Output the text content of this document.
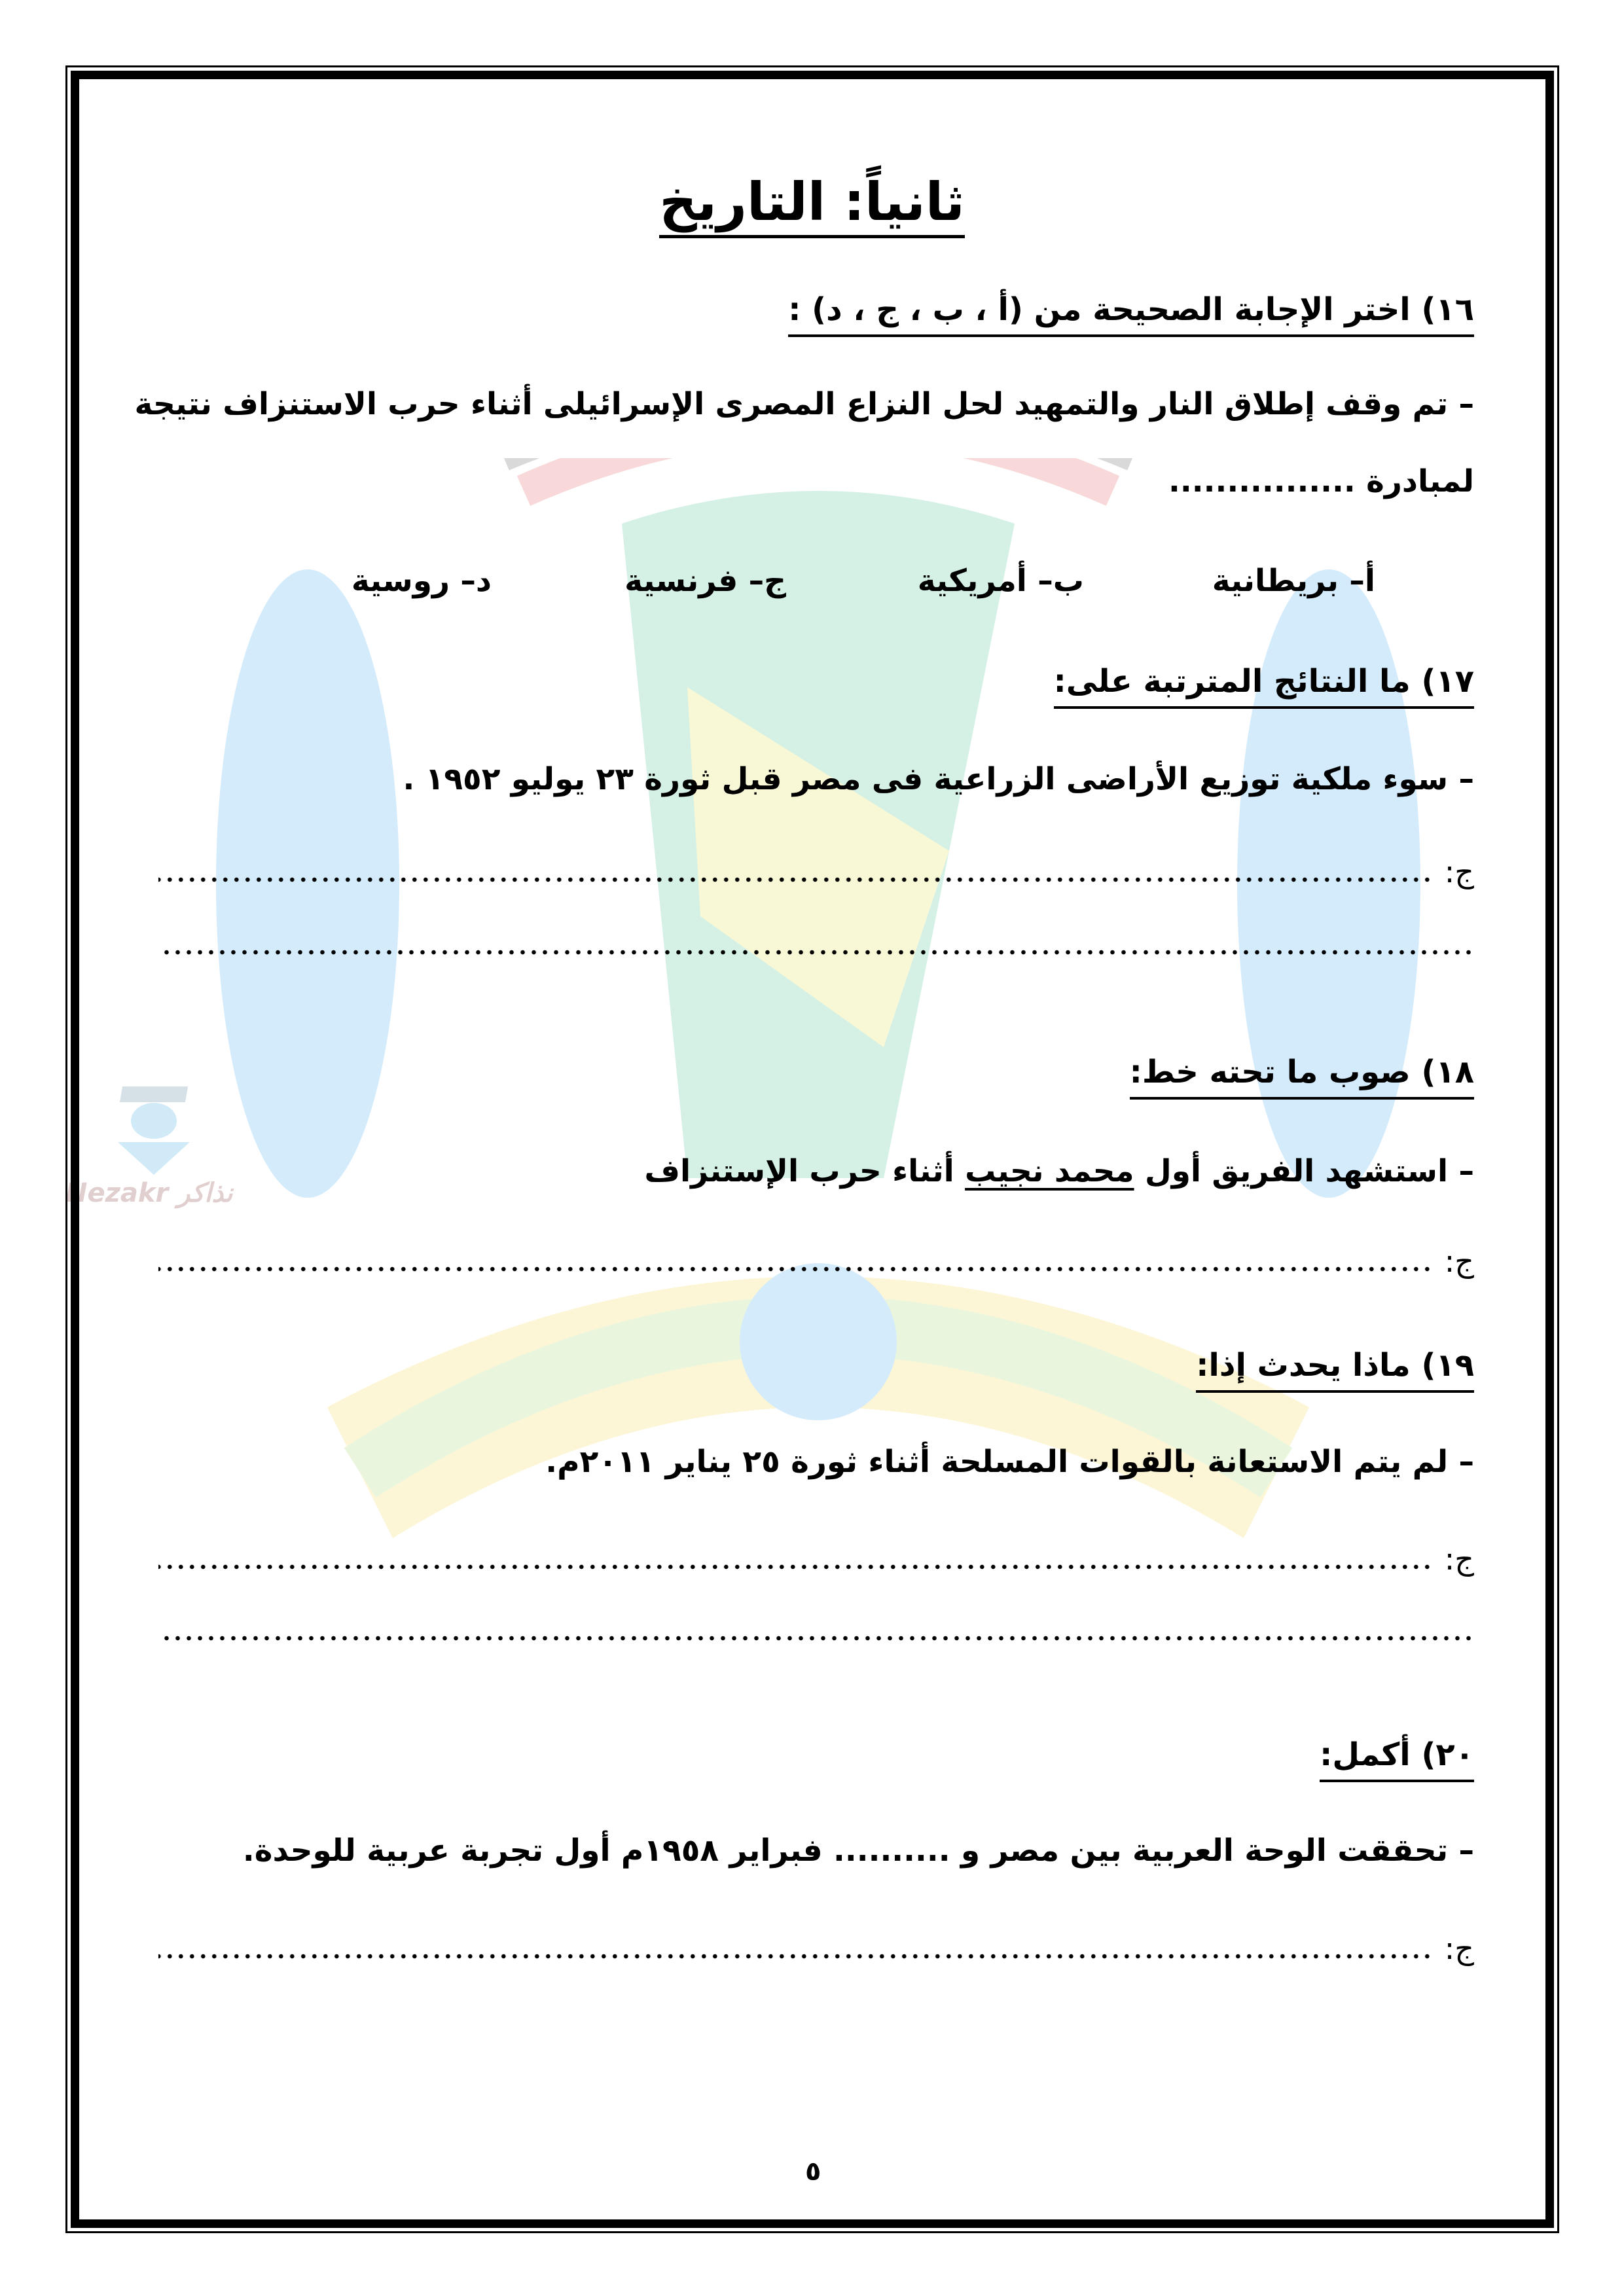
Nezakr نذاكر
ثانياً: التاريخ
١٦) اختر الإجابة الصحيحة من (أ ، ب ، ج ، د) :
– تم وقف إطلاق النار والتمهيد لحل النزاع المصرى الإسرائيلى أثناء حرب الاستنزاف نتيجة
لمبادرة ................
أ– بريطانية
ب– أمريكية
ج– فرنسية
د– روسية
١٧) ما النتائج المترتبة على:
– سوء ملكية توزيع الأراضى الزراعية فى مصر قبل ثورة ٢٣ يوليو ١٩٥٢ .
ج:
١٨) صوب ما تحته خط:
– استشهد الفريق أول محمد نجيب أثناء حرب الإستنزاف
ج:
١٩) ماذا يحدث إذا:
– لم يتم الاستعانة بالقوات المسلحة أثناء ثورة ٢٥ يناير ٢٠١١م.
ج:
٢٠) أكمل:
– تحققت الوحة العربية بين مصر و .......... فبراير ١٩٥٨م أول تجربة عربية للوحدة.
ج:
٥
